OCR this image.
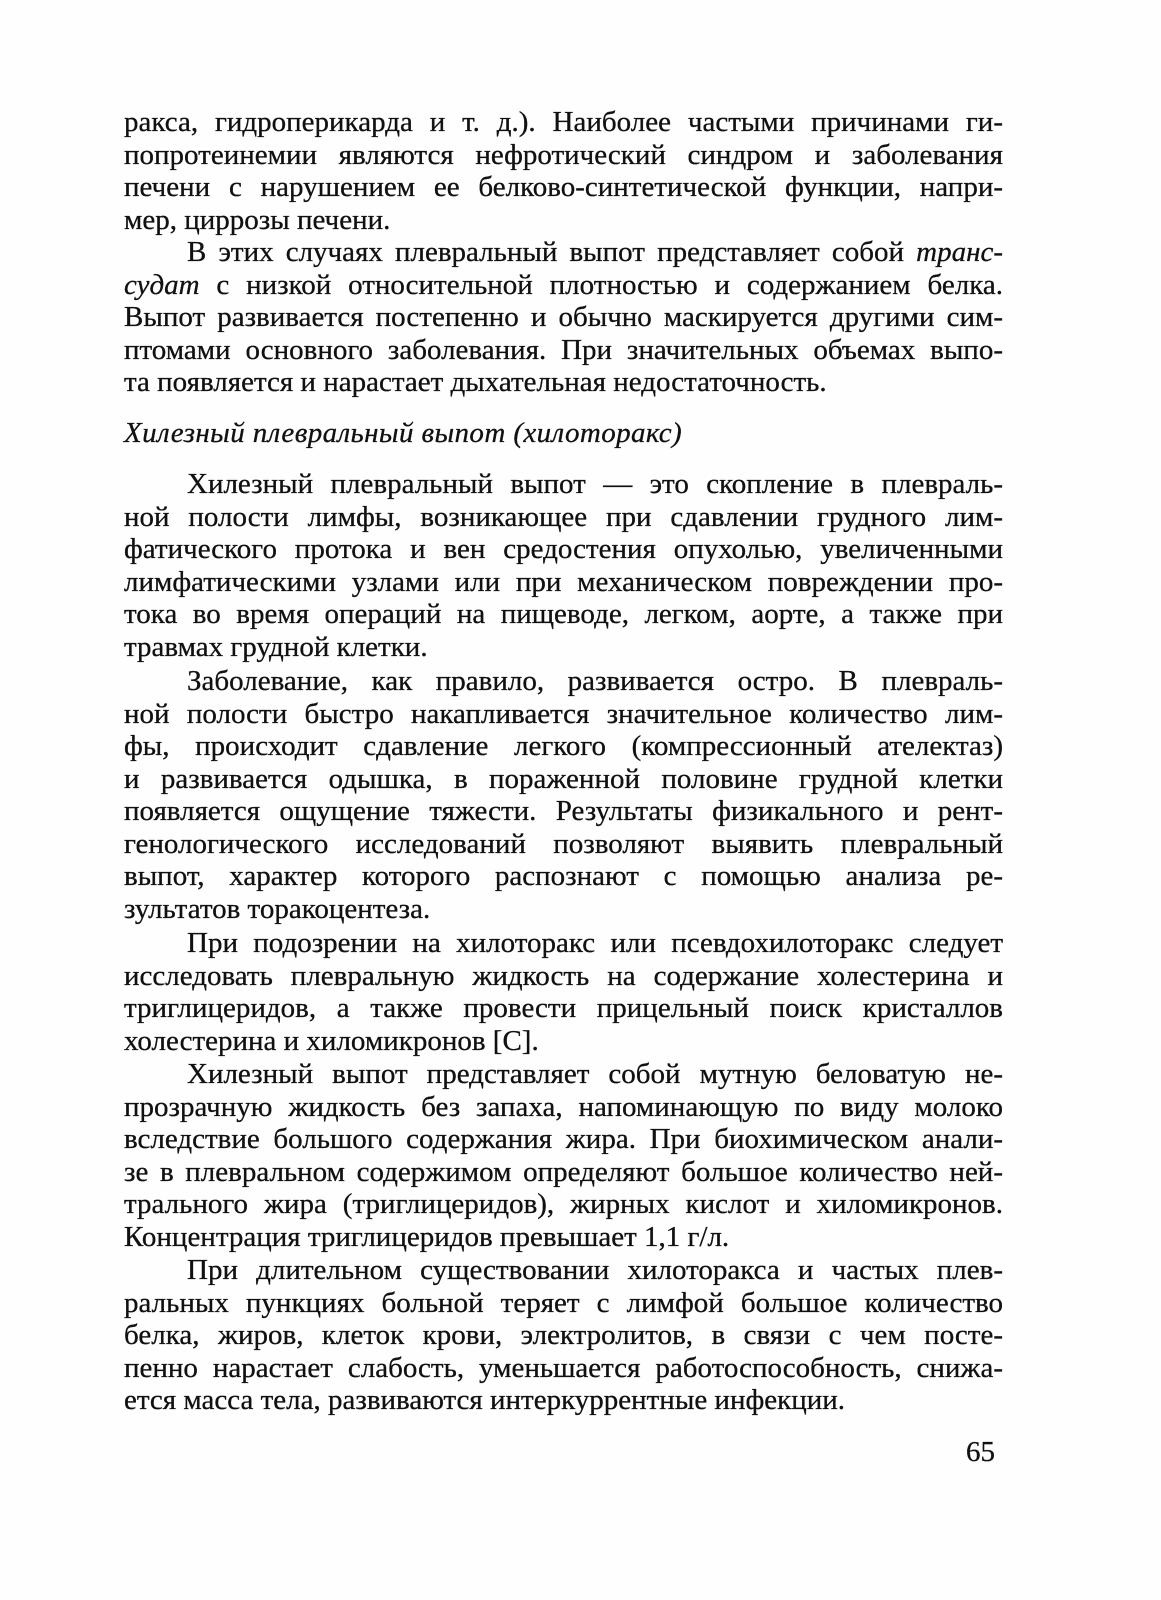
ракса, гидроперикарда и т. д.). Наиболее частыми причинами ги-
попротеинемии являются нефротический синдром и заболевания
печени с нарушением ее белково-синтетической функции, напри-
мер, циррозы печени.
В этих случаях плевральный выпот представляет собой транс-
судат с низкой относительной плотностью и содержанием белка.
Выпот развивается постепенно и обычно маскируется другими сим-
птомами основного заболевания. При значительных объемах выпо-
та появляется и нарастает дыхательная недостаточность.
Хилезный плевральный выпот (хилоторакс)
Хилезный плевральный выпот — это скопление в плевраль-
ной полости лимфы, возникающее при сдавлении грудного лим-
фатического протока и вен средостения опухолью, увеличенными
лимфатическими узлами или при механическом повреждении про-
тока во время операций на пищеводе, легком, аорте, а также при
травмах грудной клетки.
Заболевание, как правило, развивается остро. В плевраль-
ной полости быстро накапливается значительное количество лим-
фы, происходит сдавление легкого (компрессионный ателектаз)
и развивается одышка, в пораженной половине грудной клетки
появляется ощущение тяжести. Результаты физикального и рент-
генологического исследований позволяют выявить плевральный
выпот, характер которого распознают с помощью анализа ре-
зультатов торакоцентеза.
При подозрении на хилоторакс или псевдохилоторакс следует
исследовать плевральную жидкость на содержание холестерина и
триглицеридов, а также провести прицельный поиск кристаллов
холестерина и хиломикронов [C].
Хилезный выпот представляет собой мутную беловатую не-
прозрачную жидкость без запаха, напоминающую по виду молоко
вследствие большого содержания жира. При биохимическом анали-
зе в плевральном содержимом определяют большое количество ней-
трального жира (триглицеридов), жирных кислот и хиломикронов.
Концентрация триглицеридов превышает 1,1 г/л.
При длительном существовании хилоторакса и частых плев-
ральных пункциях больной теряет с лимфой большое количество
белка, жиров, клеток крови, электролитов, в связи с чем посте-
пенно нарастает слабость, уменьшается работоспособность, снижа-
ется масса тела, развиваются интеркуррентные инфекции.
65
